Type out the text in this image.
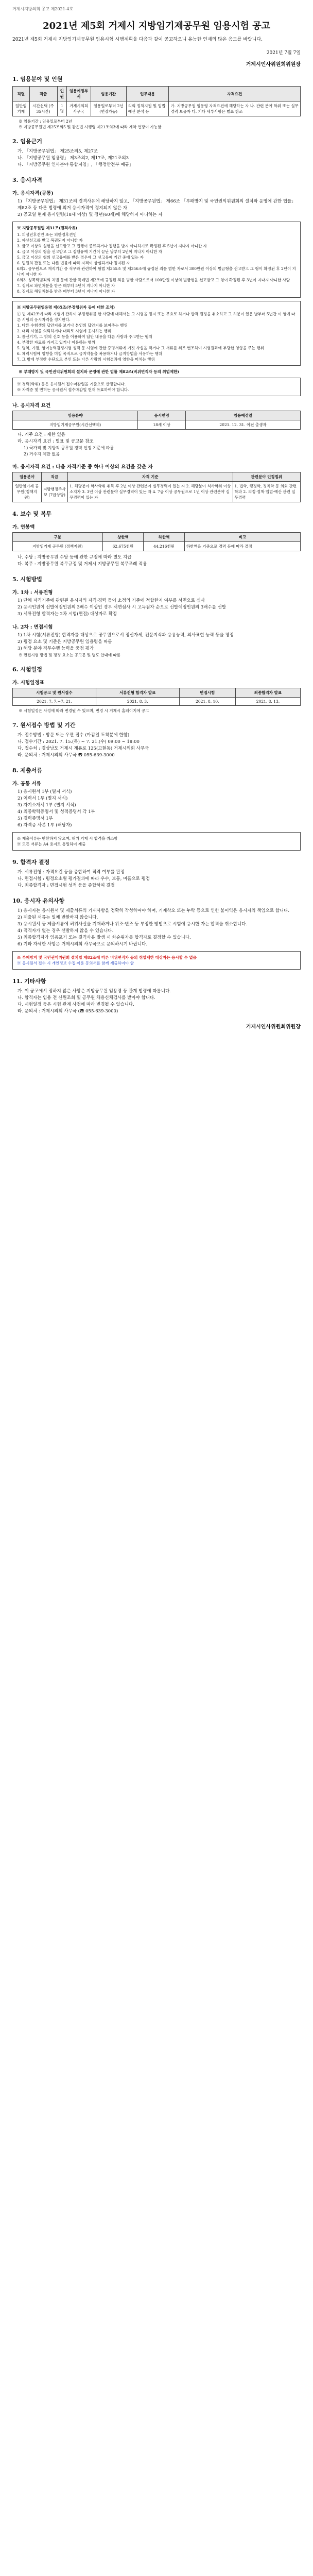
거제시지방의회 공고 제2021-4호
2021년 제5회 거제시 지방임기제공무원 임용시험 공고
2021년 제5회 거제시 지방임기제공무원 임용시험 시행계획을 다음과 같이 공고하오니 유능한 인재의 많은 응모를 바랍니다.
2021년 7월 7일
거제시인사위원회위원장
1. 임용분야 및 인원
직렬	직급	인원	임용예정부서	임용기간	업무내용	자격요건
일반임기제	시간선택 (주35시간)	1명	거제시의회사무국	임용일로부터 2년(연장가능)	의회 정책지원 및 입법·예산 분석 등	가. 지방공무원 임용령 자격요건에 해당하는 자 나. 관련 분야 학위 또는 실무경력 보유자 다. 기타 세부사항은 별표 참조
※ 임용기간 : 임용일로부터 2년
※ 지방공무원법 제25조의5 및 같은법 시행령 제21조의3에 따라 계약 연장이 가능함
2. 임용근거
가. 「지방공무원법」 제25조의5, 제27조
나. 「지방공무원 임용령」 제3조의2, 제17조, 제21조의3
다. 「지방공무원 인사분야 통합지침」, 「행정안전부 예규」
3. 응시자격
가. 응시자격(공통)
1) 「지방공무원법」 제31조의 결격사유에 해당하지 않고, 「지방공무원법」 제66조 「부패방지 및 국민권익위원회의 설치와 운영에 관한 법률」 제82조 등 다른 법령에 의거 응시자격이 정지되지 않은 자
2) 공고일 현재 응시연령(18세 이상) 및 정년(60세)에 해당하지 아니하는 자
※ 지방공무원법 제31조(결격사유)
1. 피성년후견인 또는 피한정후견인
2. 파산선고를 받고 복권되지 아니한 자
3. 금고 이상의 실형을 선고받고 그 집행이 종료되거나 집행을 받지 아니하기로 확정된 후 5년이 지나지 아니한 자
4. 금고 이상의 형을 선고받고 그 집행유예 기간이 끝난 날부터 2년이 지나지 아니한 자
5. 금고 이상의 형의 선고유예를 받은 경우에 그 선고유예 기간 중에 있는 자
6. 법원의 판결 또는 다른 법률에 따라 자격이 상실되거나 정지된 자
6의2. 공무원으로 재직기간 중 직무와 관련하여 형법 제355조 및 제356조에 규정된 죄를 범한 자로서 300만원 이상의 벌금형을 선고받고 그 형이 확정된 후 2년이 지나지 아니한 자
6의3. 성폭력범죄의 처벌 등에 관한 특례법 제2조에 규정된 죄를 범한 사람으로서 100만원 이상의 벌금형을 선고받고 그 형이 확정된 후 3년이 지나지 아니한 사람
7. 징계로 파면처분을 받은 때부터 5년이 지나지 아니한 자
8. 징계로 해임처분을 받은 때부터 3년이 지나지 아니한 자
※ 지방공무원임용령 제65조(부정행위자 등에 대한 조치)
① 법 제42조에 따라 시험에 관하여 부정행위를 한 사람에 대해서는 그 시험을 정지 또는 무효로 하거나 합격 결정을 취소하고 그 처분이 있은 날부터 5년간 이 영에 따른 시험의 응시자격을 정지한다.
1. 다른 수험생의 답안지를 보거나 본인의 답안지를 보여주는 행위
2. 대리 시험을 의뢰하거나 대리로 시험에 응시하는 행위
3. 통신기기, 그 밖의 신호 등을 이용하여 답안 내용을 다른 사람과 주고받는 행위
4. 부정한 자료를 가지고 있거나 이용하는 행위
5. 병역, 가점, 영어능력검정시험 성적 등 시험에 관한 증명서류에 거짓 사실을 적거나 그 서류를 위조·변조하여 시험결과에 부당한 영향을 주는 행위
6. 체력시험에 영향을 미칠 목적으로 금지약물을 복용하거나 금지방법을 사용하는 행위
7. 그 밖에 부정한 수단으로 본인 또는 다른 사람의 시험결과에 영향을 미치는 행위
※ 부패방지 및 국민권익위원회의 설치와 운영에 관한 법률 제82조(비위면직자 등의 취업제한)
※ 경력(학위) 등은 응시원서 접수마감일을 기준으로 산정합니다.
※ 자격증 및 면허는 응시원서 접수마감일 현재 유효하여야 합니다.
나. 응시자격 요건
임용분야	응시연령	임용예정일
지방임기제공무원(시간선택제)	18세 이상	2021. 12. 31. 이전 출생자
다. 거주 요건 : 제한 없음
라. 응시자격 요건 : 별표 및 공고문 참조
1) 국가직 및 지방직 공무원 경력 인정 기준에 따름
2) 거주지 제한 없음
마. 응시자격 요건 : 다음 자격기준 중 하나 이상의 요건을 갖춘 자
임용분야	직급	자격 기준	관련분야 인정범위
일반임기제 공무원(정책지원)	지방행정주사보 (7급상당)	1. 해당분야 학사학위 취득 후 2년 이상 관련분야 실무경력이 있는 자 2. 해당분야 석사학위 이상 소지자 3. 3년 이상 관련분야 실무경력이 있는 자 4. 7급 이상 공무원으로 1년 이상 관련분야 실무경력이 있는 자	1. 법학, 행정학, 정치학 등 의회 관련 학과 2. 의정·정책·입법·예산 관련 실무경력
4. 보수 및 복무
가. 연봉액
구분	상한액	하한액	비고
지방임기제 공무원 (정책지원)	62,675천원	44,216천원	하한액을 기준으로 경력 등에 따라 결정
나. 수당 : 지방공무원 수당 등에 관한 규정에 따라 별도 지급
다. 복무 : 지방공무원 복무규정 및 거제시 지방공무원 복무조례 적용
5. 시험방법
가. 1차 : 서류전형
1) 단체 자격기준에 관련된 응시자의 자격·경력 등이 소정의 기준에 적합한지 여부를 서면으로 심사
2) 응시인원이 선발예정인원의 3배수 이상인 경우 서면심사 시 고득점자 순으로 선발예정인원의 3배수를 선발
3) 서류전형 합격자는 2차 시험(면접) 대상자로 확정
나. 2차 : 면접시험
1) 1차 시험(서류전형) 합격자를 대상으로 공무원으로서 정신자세, 전문지식과 응용능력, 의사표현 능력 등을 평정
2) 평정 요소 및 기준은 지방공무원 임용령을 따름
3) 해당 분야 직무수행 능력을 중점 평가
※ 면접시험 방법 및 평정 요소는 공고문 및 별도 안내에 따름
6. 시험일정
가. 시험일정표
시험공고 및 원서접수	서류전형 합격자 발표	면접시험	최종합격자 발표
2021. 7. 7.~7. 21.	2021. 8. 3.	2021. 8. 10.	2021. 8. 13.
※ 시험일정은 사정에 따라 변경될 수 있으며, 변경 시 거제시 홈페이지에 공고
7. 원서접수 방법 및 기간
가. 접수방법 : 방문 또는 우편 접수 (마감일 도착분에 한함)
나. 접수기간 : 2021. 7. 15.(목) ~ 7. 21.(수) 09:00 ~ 18:00
다. 접수처 : 경상남도 거제시 계룡로 125(고현동) 거제시의회 사무국
라. 문의처 : 거제시의회 사무국 ☎ 055-639-3000
8. 제출서류
가. 공통 서류
1) 응시원서 1부 (별지 서식)
2) 이력서 1부 (별지 서식)
3) 자기소개서 1부 (별지 서식)
4) 최종학력증명서 및 성적증명서 각 1부
5) 경력증명서 1부
6) 자격증 사본 1부 (해당자)
※ 제출서류는 반환하지 않으며, 허위 기재 시 합격을 취소함
※ 모든 서류는 A4 용지로 통일하여 제출
9. 합격자 결정
가. 서류전형 : 자격요건 등을 종합하여 적격 여부를 판정
나. 면접시험 : 평정요소별 평가결과에 따라 우수, 보통, 미흡으로 평정
다. 최종합격자 : 면접시험 성적 등을 종합하여 결정
10. 응시자 유의사항
1) 응시자는 응시원서 및 제출서류의 기재사항을 정확히 작성하여야 하며, 기재착오 또는 누락 등으로 인한 불이익은 응시자의 책임으로 합니다.
2) 제출된 서류는 일체 반환하지 않습니다.
3) 응시원서 등 제출서류에 허위사실을 기재하거나 위조·변조 등 부정한 방법으로 시험에 응시한 자는 합격을 취소합니다.
4) 적격자가 없는 경우 선발하지 않을 수 있습니다.
5) 최종합격자가 임용포기 또는 결격사유 발생 시 차순위자를 합격자로 결정할 수 있습니다.
6) 기타 자세한 사항은 거제시의회 사무국으로 문의하시기 바랍니다.
※ 부패방지 및 국민권익위원회 설치법 제82조에 따른 비위면직자 등의 취업제한 대상자는 응시할 수 없음
※ 응시원서 접수 시 개인정보 수집·이용 동의서를 함께 제출하여야 함
11. 기타사항
가. 이 공고에서 정하지 않은 사항은 지방공무원 임용령 등 관계 법령에 따릅니다.
나. 합격자는 임용 전 신원조회 및 공무원 채용신체검사를 받아야 합니다.
다. 시험일정 등은 시험 관계 사정에 따라 변경될 수 있습니다.
라. 문의처 : 거제시의회 사무국 (☎ 055-639-3000)
거제시인사위원회위원장
